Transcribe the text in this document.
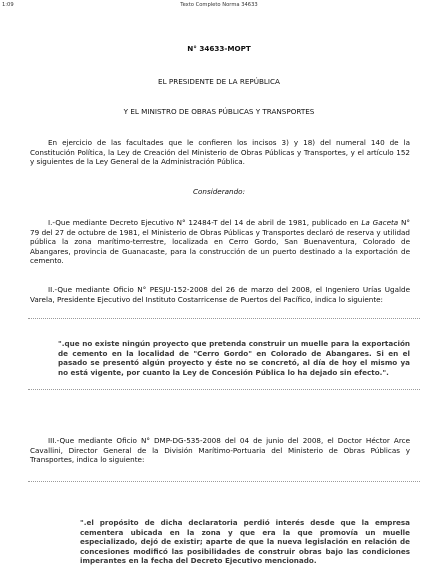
1:09	Texto Completo Norma 34633
N° 34633-MOPT
EL PRESIDENTE DE LA REPÚBLICA
Y EL MINISTRO DE OBRAS PÚBLICAS Y TRANSPORTES
En ejercicio de las facultades que le confieren los incisos 3) y 18) del numeral 140 de la Constitución Política, la Ley de Creación del Ministerio de Obras Públicas y Transportes, y el artículo 152 y siguientes de la Ley General de la Administración Pública.
Considerando:
I.-Que mediante Decreto Ejecutivo N° 12484-T del 14 de abril de 1981, publicado en La Gaceta N° 79 del 27 de octubre de 1981, el Ministerio de Obras Públicas y Transportes declaró de reserva y utilidad pública la zona marítimo-terrestre, localizada en Cerro Gordo, San Buenaventura, Colorado de Abangares, provincia de Guanacaste, para la construcción de un puerto destinado a la exportación de cemento.
II.-Que mediante Oficio N° PESJU-152-2008 del 26 de marzo del 2008, el Ingeniero Urías Ugalde Varela, Presidente Ejecutivo del Instituto Costarricense de Puertos del Pacífico, indica lo siguiente:
".que no existe ningún proyecto que pretenda construir un muelle para la exportación de cemento en la localidad de "Cerro Gordo" en Colorado de Abangares. Si en el pasado se presentó algún proyecto y éste no se concretó, al día de hoy el mismo ya no está vigente, por cuanto la Ley de Concesión Pública lo ha dejado sin efecto.".
III.-Que mediante Oficio N° DMP-DG-535-2008 del 04 de junio del 2008, el Doctor Héctor Arce Cavallini, Director General de la División Marítimo-Portuaria del Ministerio de Obras Públicas y Transportes, indica lo siguiente:
".el propósito de dicha declaratoria perdió interés desde que la empresa cementera ubicada en la zona y que era la que promovía un muelle especializado, dejó de existir; aparte de que la nueva legislación en relación de concesiones modificó las posibilidades de construir obras bajo las condiciones imperantes en la fecha del Decreto Ejecutivo mencionado.
